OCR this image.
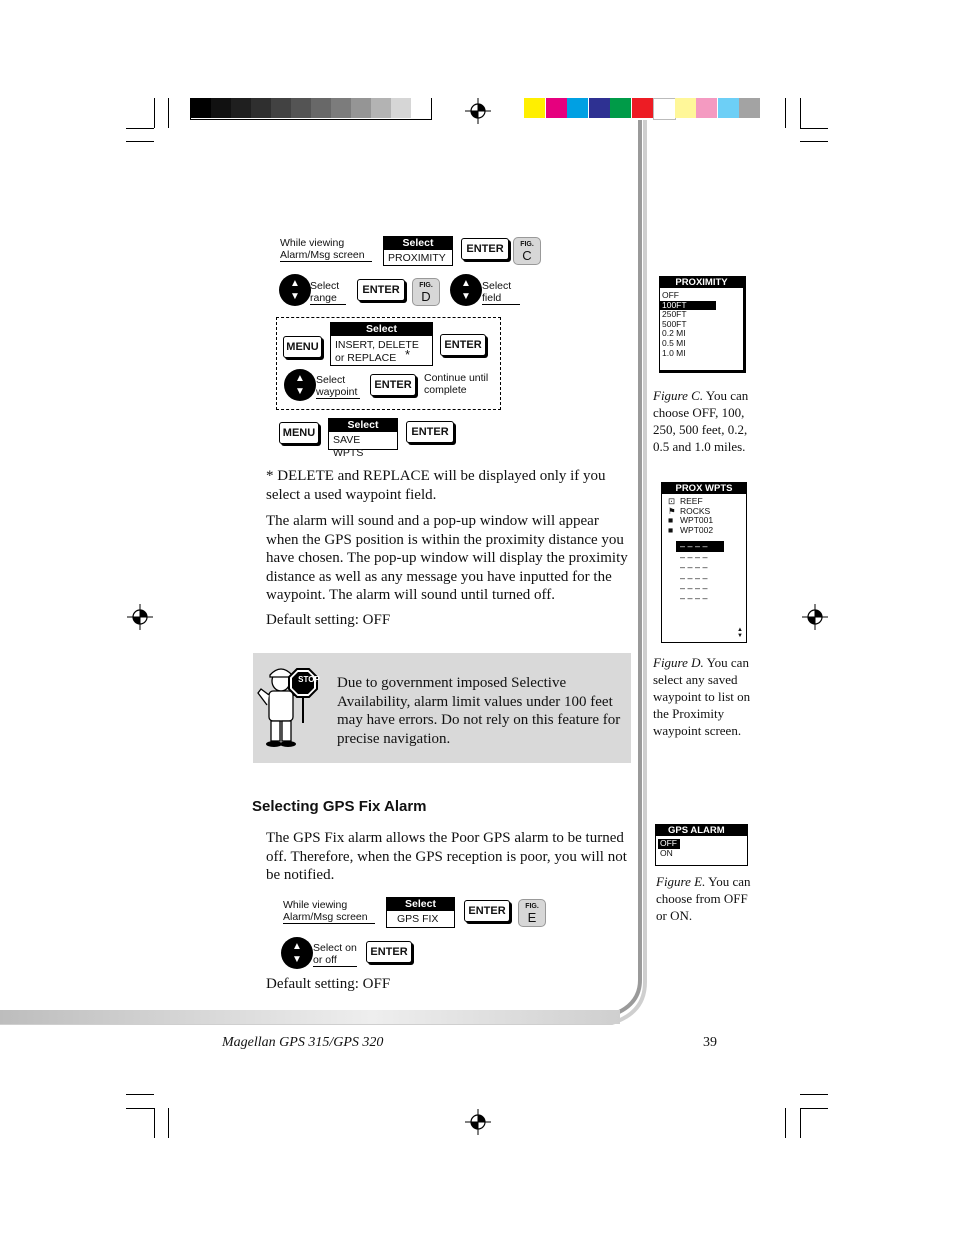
While viewing Alarm/Msg screen
Select
PROXIMITY
ENTER	FIG.
C
▲
▼
Select range
ENTER	FIG.
D
▲
▼
Select field
MENU
Select
INSERT, DELETE or REPLACE *
ENTER
▲
▼
Select waypoint
ENTER
Continue until complete
MENU
Select
SAVE WPTS
ENTER
* DELETE and REPLACE will be displayed only if you select a used waypoint field.
The alarm will sound and a pop-up window will appear when the GPS position is within the proximity distance you have chosen. The pop-up window will display the proximity distance as well as any message you have inputted for the waypoint. The alarm will sound until turned off.
Default setting: OFF
STOP	Due to government imposed Selective Availability, alarm limit values under 100 feet may have errors. Do not rely on this feature for precise navigation.
Selecting GPS Fix Alarm
The GPS Fix alarm allows the Poor GPS alarm to be turned off. Therefore, when the GPS reception is poor, you will not be notified.
While viewing Alarm/Msg screen
Select
GPS FIX
ENTER	FIG.
E
▲
▼
Select on or off
ENTER
Default setting: OFF
PROXIMITY
OFF
100FT
250FT
500FT
0.2 MI
0.5 MI
1.0 MI
Figure C. You can choose OFF, 100, 250, 500 feet, 0.2, 0.5 and 1.0 miles.
PROX WPTS
⊡ REEF
⚑ ROCKS
■ WPT001
■ WPT002
– – – –
– – – –
– – – –
– – – –
– – – –
– – – –
▲
▼
Figure D. You can select any saved waypoint to list on the Proximity waypoint screen.
GPS ALARM
OFF
ON
Figure E. You can choose from OFF or ON.
Magellan GPS 315/GPS 320	39
